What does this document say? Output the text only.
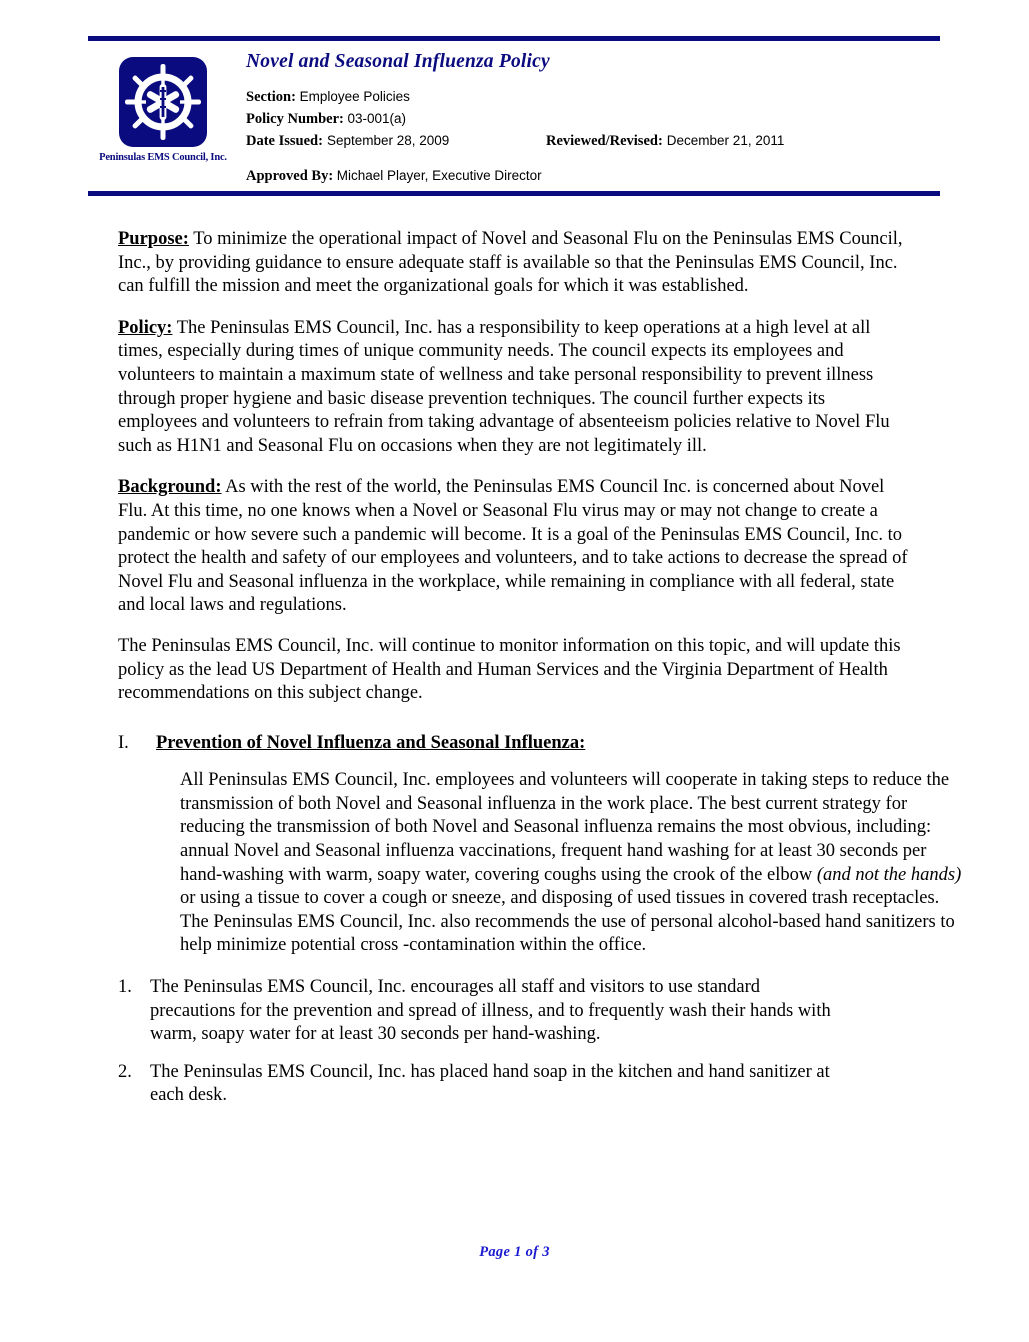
Peninsulas EMS Council, Inc.
Novel and Seasonal Influenza Policy
Section: Employee Policies
Policy Number: 03-001(a)
Date Issued: September 28, 2009	Reviewed/Revised: December 21, 2011
Approved By: Michael Player, Executive Director

Purpose: To minimize the operational impact of Novel and Seasonal Flu on the Peninsulas EMS Council, Inc., by providing guidance to ensure adequate staff is available so that the Peninsulas EMS Council, Inc. can fulfill the mission and meet the organizational goals for which it was established.

Policy: The Peninsulas EMS Council, Inc. has a responsibility to keep operations at a high level at all times, especially during times of unique community needs. The council expects its employees and volunteers to maintain a maximum state of wellness and take personal responsibility to prevent illness through proper hygiene and basic disease prevention techniques. The council further expects its employees and volunteers to refrain from taking advantage of absenteeism policies relative to Novel Flu such as H1N1 and Seasonal Flu on occasions when they are not legitimately ill.

Background: As with the rest of the world, the Peninsulas EMS Council Inc. is concerned about Novel Flu. At this time, no one knows when a Novel or Seasonal Flu virus may or may not change to create a pandemic or how severe such a pandemic will become. It is a goal of the Peninsulas EMS Council, Inc. to protect the health and safety of our employees and volunteers, and to take actions to decrease the spread of Novel Flu and Seasonal influenza in the workplace, while remaining in compliance with all federal, state and local laws and regulations.

The Peninsulas EMS Council, Inc. will continue to monitor information on this topic, and will update this policy as the lead US Department of Health and Human Services and the Virginia Department of Health recommendations on this subject change.

I.	Prevention of Novel Influenza and Seasonal Influenza:

All Peninsulas EMS Council, Inc. employees and volunteers will cooperate in taking steps to reduce the transmission of both Novel and Seasonal influenza in the work place. The best current strategy for reducing the transmission of both Novel and Seasonal influenza remains the most obvious, including: annual Novel and Seasonal influenza vaccinations, frequent hand washing for at least 30 seconds per hand-washing with warm, soapy water, covering coughs using the crook of the elbow (and not the hands) or using a tissue to cover a cough or sneeze, and disposing of used tissues in covered trash receptacles. The Peninsulas EMS Council, Inc. also recommends the use of personal alcohol-based hand sanitizers to help minimize potential cross -contamination within the office.

1. The Peninsulas EMS Council, Inc. encourages all staff and visitors to use standard precautions for the prevention and spread of illness, and to frequently wash their hands with warm, soapy water for at least 30 seconds per hand-washing.
2. The Peninsulas EMS Council, Inc. has placed hand soap in the kitchen and hand sanitizer at each desk.
Page 1 of 3
